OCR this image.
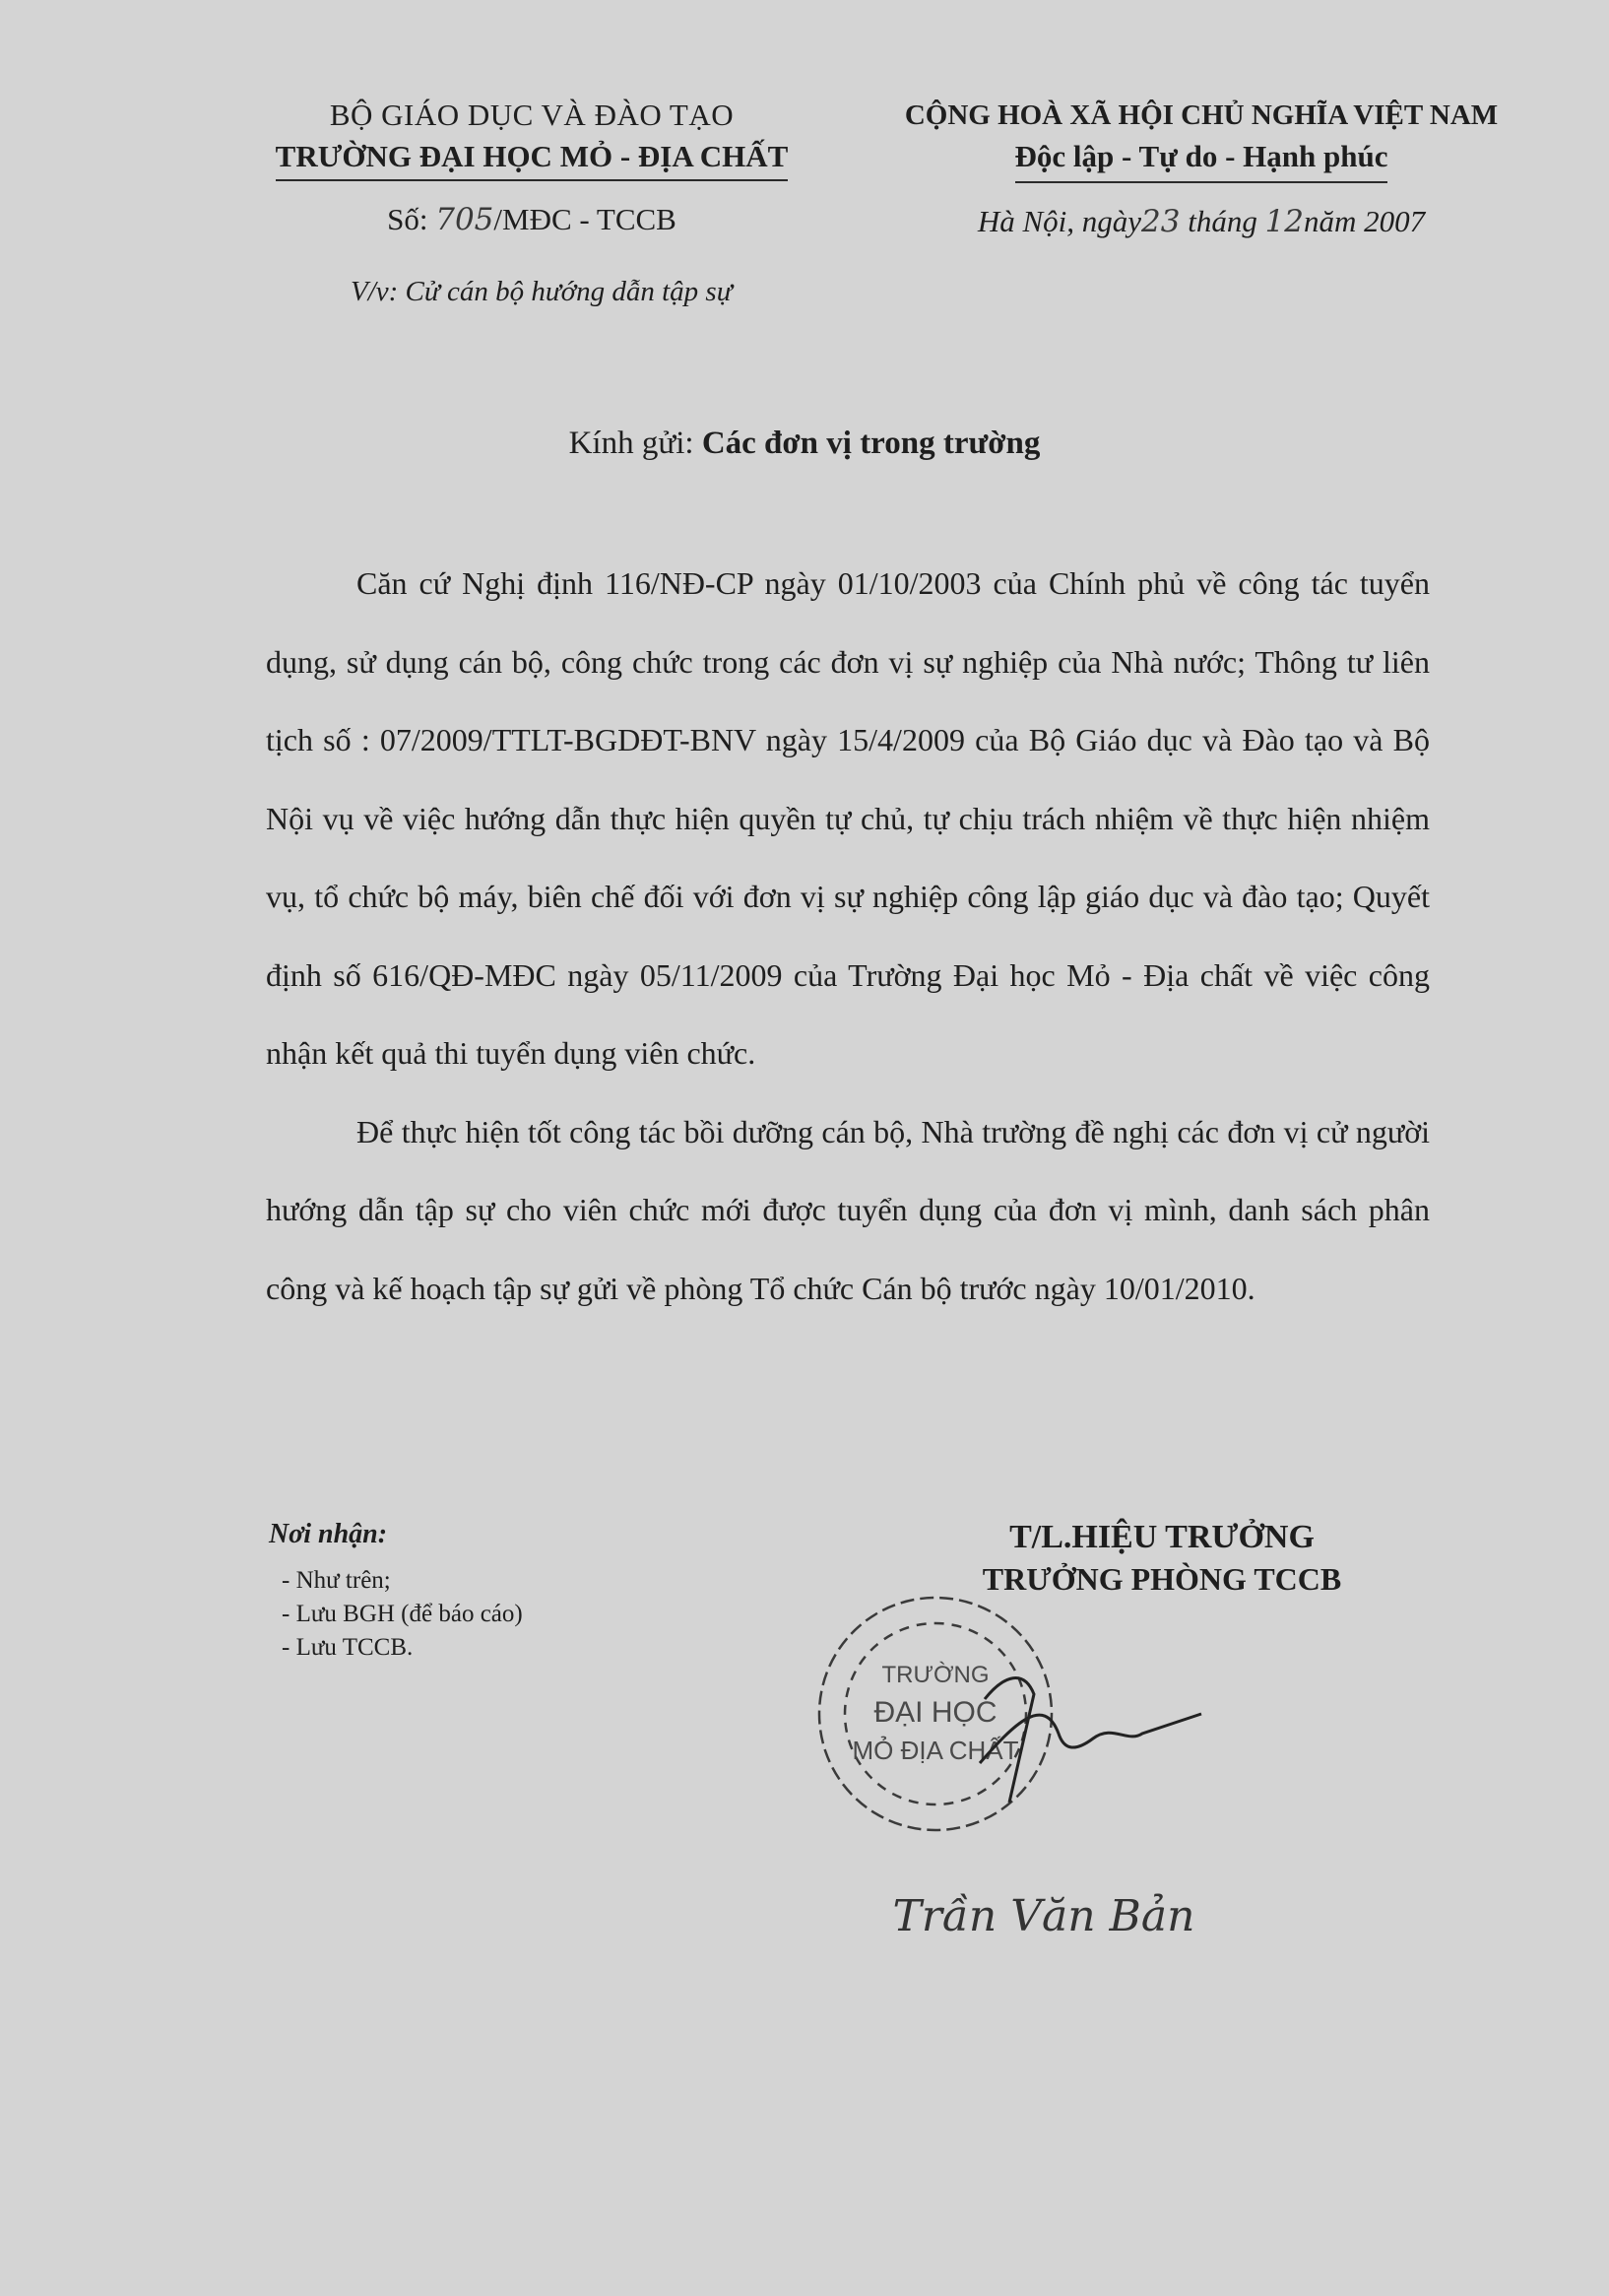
BỘ GIÁO DỤC VÀ ĐÀO TẠO
TRƯỜNG ĐẠI HỌC MỎ - ĐỊA CHẤT
Số: 705/MĐC - TCCB
CỘNG HOÀ XÃ HỘI CHỦ NGHĨA VIỆT NAM
Độc lập - Tự do - Hạnh phúc
Hà Nội, ngày23 tháng 12năm 2007
V/v: Cử cán bộ hướng dẫn tập sự
Kính gửi: Các đơn vị trong trường

Căn cứ Nghị định 116/NĐ-CP ngày 01/10/2003 của Chính phủ về công tác tuyển dụng, sử dụng cán bộ, công chức trong các đơn vị sự nghiệp của Nhà nước; Thông tư liên tịch số : 07/2009/TTLT-BGDĐT-BNV ngày 15/4/2009 của Bộ Giáo dục và Đào tạo và Bộ Nội vụ về việc hướng dẫn thực hiện quyền tự chủ, tự chịu trách nhiệm về thực hiện nhiệm vụ, tổ chức bộ máy, biên chế đối với đơn vị sự nghiệp công lập giáo dục và đào tạo; Quyết định số 616/QĐ-MĐC ngày 05/11/2009 của Trường Đại học Mỏ - Địa chất về việc công nhận kết quả thi tuyển dụng viên chức.

Để thực hiện tốt công tác bồi dưỡng cán bộ, Nhà trường đề nghị các đơn vị cử người hướng dẫn tập sự cho viên chức mới được tuyển dụng của đơn vị mình, danh sách phân công và kế hoạch tập sự gửi về phòng Tổ chức Cán bộ trước ngày 10/01/2010.

Nơi nhận:
- Như trên;
- Lưu BGH (để báo cáo)
- Lưu TCCB.
T/L.HIỆU TRƯỞNG
TRƯỞNG PHÒNG TCCB
TRƯỜNG
ĐẠI HỌC
MỎ ĐỊA CHẤT
Trần Văn Bản
